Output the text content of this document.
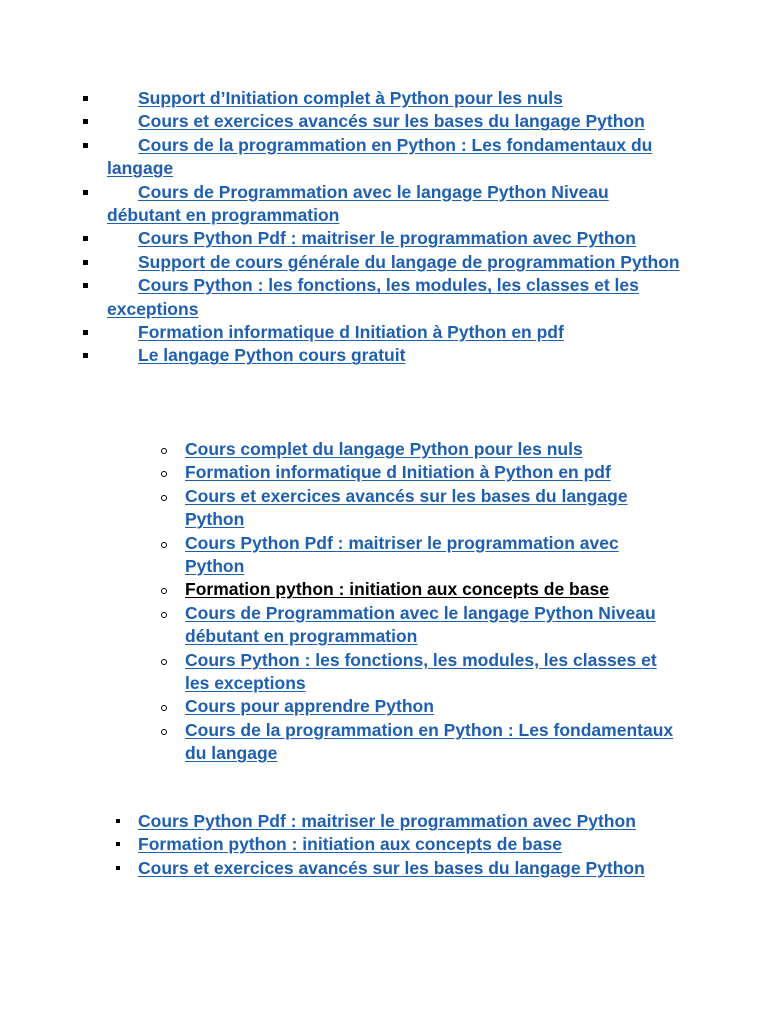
Support d’Initiation complet à Python pour les nuls
Cours et exercices avancés sur les bases du langage Python
Cours de la programmation en Python : Les fondamentaux du langage
Cours de Programmation avec le langage Python Niveau débutant en programmation
Cours Python Pdf : maitriser le programmation avec Python
Support de cours générale du langage de programmation Python
Cours Python : les fonctions, les modules, les classes et les exceptions
Formation informatique d Initiation à Python en pdf
Le langage Python cours gratuit
Cours complet du langage Python pour les nuls
Formation informatique d Initiation à Python en pdf
Cours et exercices avancés sur les bases du langage Python
Cours Python Pdf : maitriser le programmation avec Python
Formation python : initiation aux concepts de base
Cours de Programmation avec le langage Python Niveau débutant en programmation
Cours Python : les fonctions, les modules, les classes et les exceptions
Cours pour apprendre Python
Cours de la programmation en Python : Les fondamentaux du langage
Cours Python Pdf : maitriser le programmation avec Python
Formation python : initiation aux concepts de base
Cours et exercices avancés sur les bases du langage Python
